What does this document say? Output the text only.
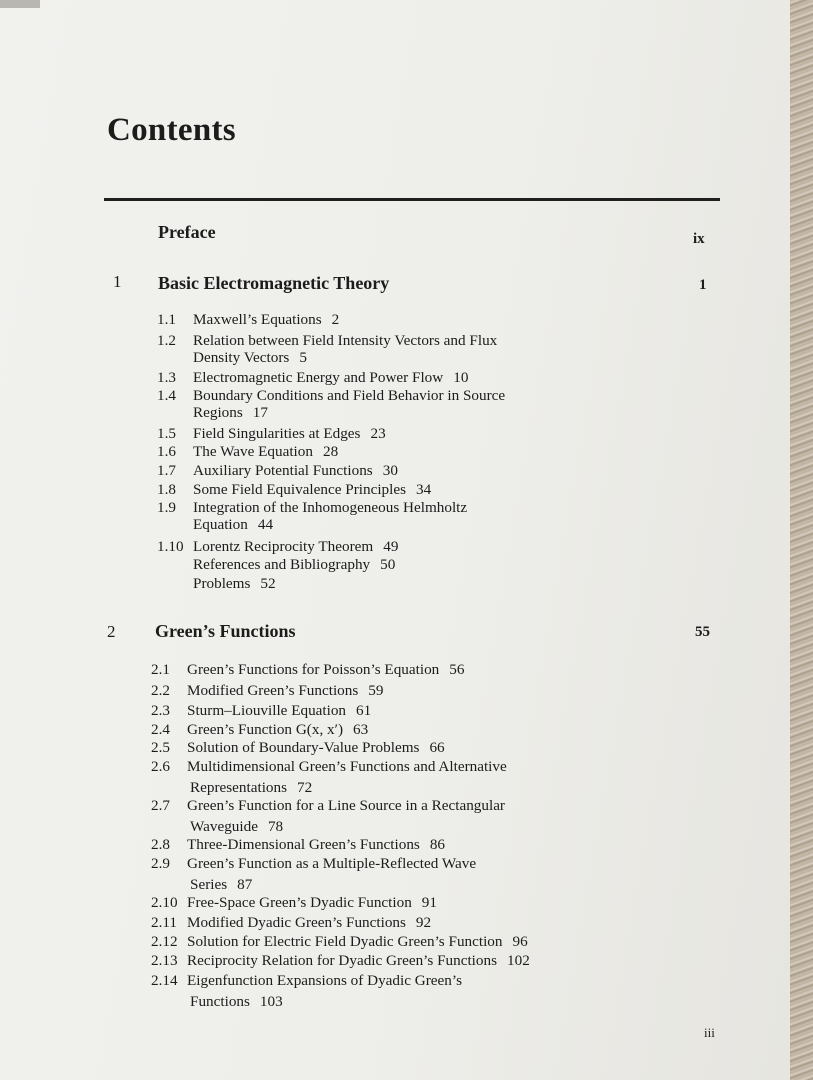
Contents
Preface	ix
1 Basic Electromagnetic Theory	1
1.1 Maxwell’s Equations 2
1.2 Relation between Field Intensity Vectors and Flux
Density Vectors 5
1.3 Electromagnetic Energy and Power Flow 10
1.4 Boundary Conditions and Field Behavior in Source
Regions 17
1.5 Field Singularities at Edges 23
1.6 The Wave Equation 28
1.7 Auxiliary Potential Functions 30
1.8 Some Field Equivalence Principles 34
1.9 Integration of the Inhomogeneous Helmholtz
Equation 44
1.10 Lorentz Reciprocity Theorem 49
References and Bibliography 50
Problems 52
2 Green’s Functions	55
2.1 Green’s Functions for Poisson’s Equation 56
2.2 Modified Green’s Functions 59
2.3 Sturm–Liouville Equation 61
2.4 Green’s Function G(x, x′) 63
2.5 Solution of Boundary-Value Problems 66
2.6 Multidimensional Green’s Functions and Alternative
Representations 72
2.7 Green’s Function for a Line Source in a Rectangular
Waveguide 78
2.8 Three-Dimensional Green’s Functions 86
2.9 Green’s Function as a Multiple-Reflected Wave
Series 87
2.10 Free-Space Green’s Dyadic Function 91
2.11 Modified Dyadic Green’s Functions 92
2.12 Solution for Electric Field Dyadic Green’s Function 96
2.13 Reciprocity Relation for Dyadic Green’s Functions 102
2.14 Eigenfunction Expansions of Dyadic Green’s
Functions 103
iii
